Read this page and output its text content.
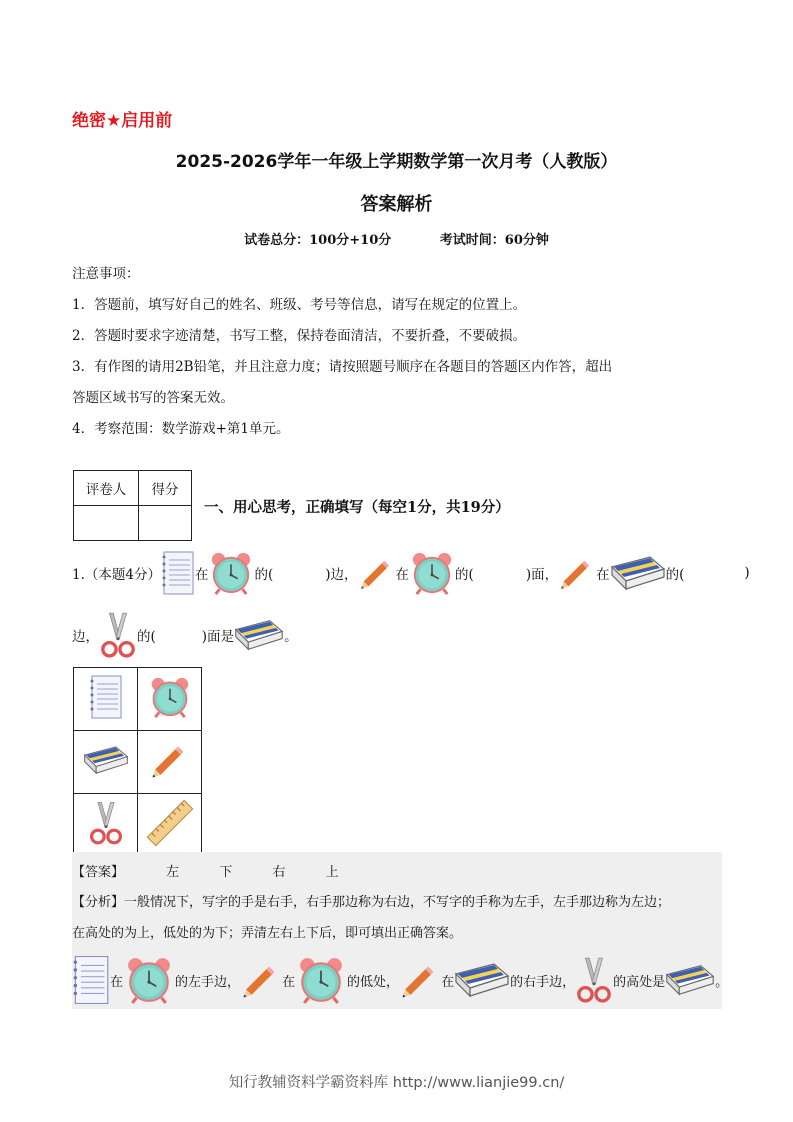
绝密★启用前
2025-2026学年一年级上学期数学第一次月考（人教版）
答案解析
试卷总分：100分+10分	考试时间：60分钟

注意事项：

1．答题前，填写好自己的姓名、班级、考号等信息，请写在规定的位置上。

2．答题时要求字迹清楚，书写工整，保持卷面清洁，不要折叠，不要破损。

3．有作图的请用2B铅笔，并且注意力度；请按照题号顺序在各题目的答题区内作答，超出

答题区域书写的答案无效。

4．考察范围：数学游戏+第1单元。

评卷人	得分

一、用心思考，正确填写（每空1分，共19分）
1.（本题4分）	在	的(	)边，	在	的(	)面，	在	的(	)
边，	的(	)面是	。

【答案】	左	下	右	上
【分析】一般情况下，写字的手是右手，右手那边称为右边，不写字的手称为左手，左手那边称为左边；
在高处的为上，低处的为下；弄清左右上下后，即可填出正确答案。
在	的左手边，	在	的低处，	在	的右手边，	的高处是	。
知行教辅资料学霸资料库 http://www.lianjie99.cn/
